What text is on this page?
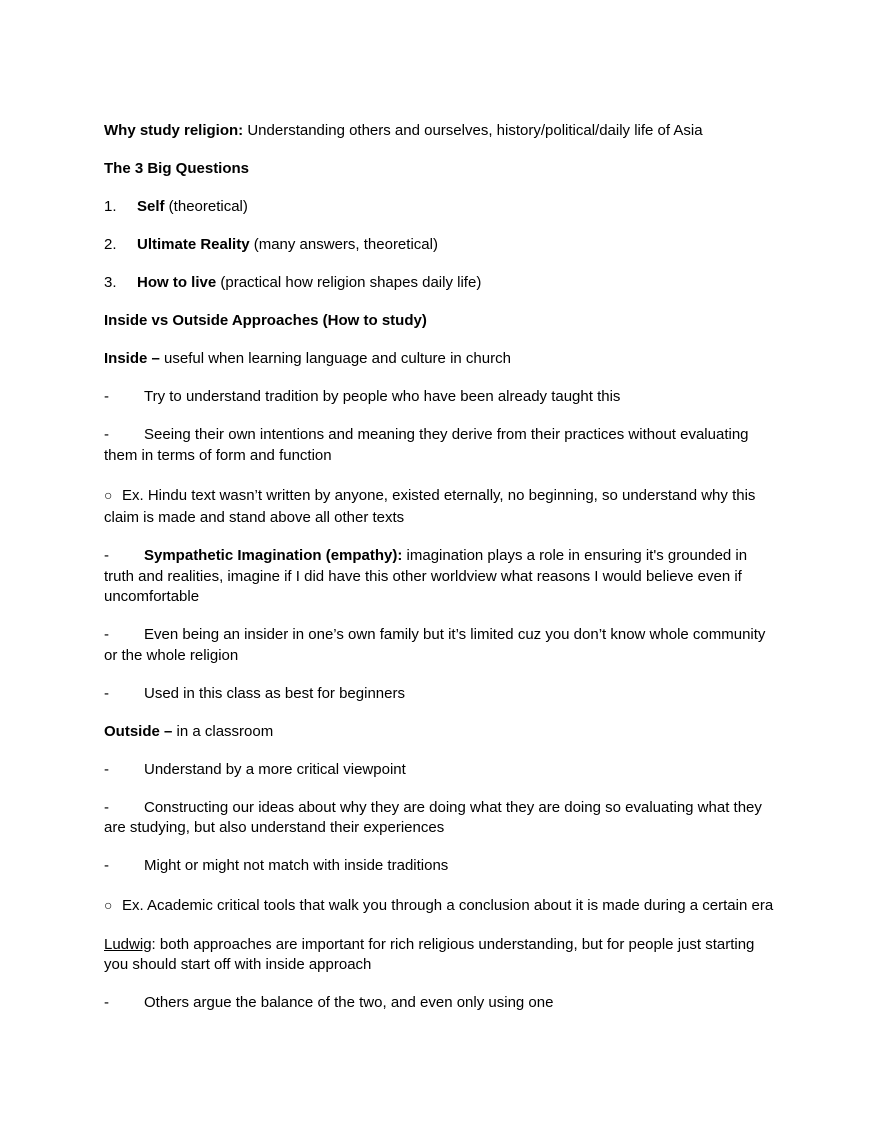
Why study religion: Understanding others and ourselves, history/political/daily life of Asia

The 3 Big Questions

1. Self (theoretical)

2. Ultimate Reality (many answers, theoretical)

3. How to live (practical how religion shapes daily life)

Inside vs Outside Approaches (How to study)

Inside – useful when learning language and culture in church

- Try to understand tradition by people who have been already taught this

- Seeing their own intentions and meaning they derive from their practices without evaluating them in terms of form and function

○ Ex. Hindu text wasn’t written by anyone, existed eternally, no beginning, so understand why this claim is made and stand above all other texts

- Sympathetic Imagination (empathy): imagination plays a role in ensuring it's grounded in truth and realities, imagine if I did have this other worldview what reasons I would believe even if uncomfortable

- Even being an insider in one’s own family but it’s limited cuz you don’t know whole community or the whole religion

- Used in this class as best for beginners

Outside – in a classroom

- Understand by a more critical viewpoint

- Constructing our ideas about why they are doing what they are doing so evaluating what they are studying, but also understand their experiences

- Might or might not match with inside traditions

○ Ex. Academic critical tools that walk you through a conclusion about it is made during a certain era

Ludwig: both approaches are important for rich religious understanding, but for people just starting you should start off with inside approach

- Others argue the balance of the two, and even only using one
